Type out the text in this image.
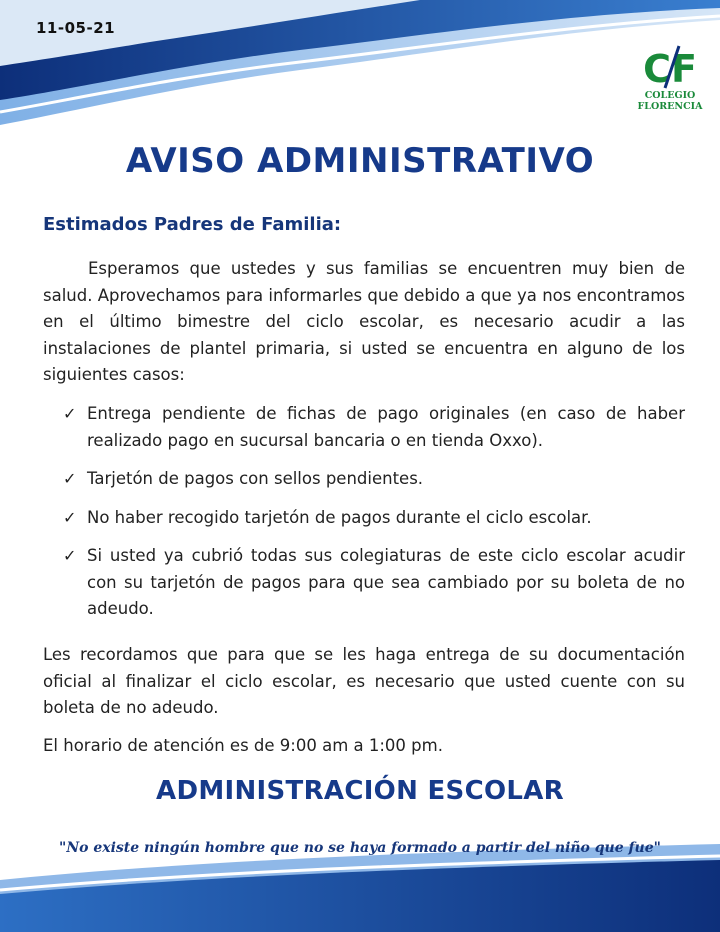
11-05-21
CF
COLEGIO
FLORENCIA
AVISO ADMINISTRATIVO
Estimados Padres de Familia:
Esperamos que ustedes y sus familias se encuentren muy bien de salud. Aprovechamos para informarles que debido a que ya nos encontramos en el último bimestre del ciclo escolar, es necesario acudir a las instalaciones de plantel primaria, si usted se encuentra en alguno de los siguientes casos:
✓ Entrega pendiente de fichas de pago originales (en caso de haber realizado pago en sucursal bancaria o en tienda Oxxo).
✓ Tarjetón de pagos con sellos pendientes.
✓ No haber recogido tarjetón de pagos durante el ciclo escolar.
✓ Si usted ya cubrió todas sus colegiaturas de este ciclo escolar acudir con su tarjetón de pagos para que sea cambiado por su boleta de no adeudo.
Les recordamos que para que se les haga entrega de su documentación oficial al finalizar el ciclo escolar, es necesario que usted cuente con su boleta de no adeudo.
El horario de atención es de 9:00 am a 1:00 pm.
ADMINISTRACIÓN ESCOLAR
"No existe ningún hombre que no se haya formado a partir del niño que fue"
